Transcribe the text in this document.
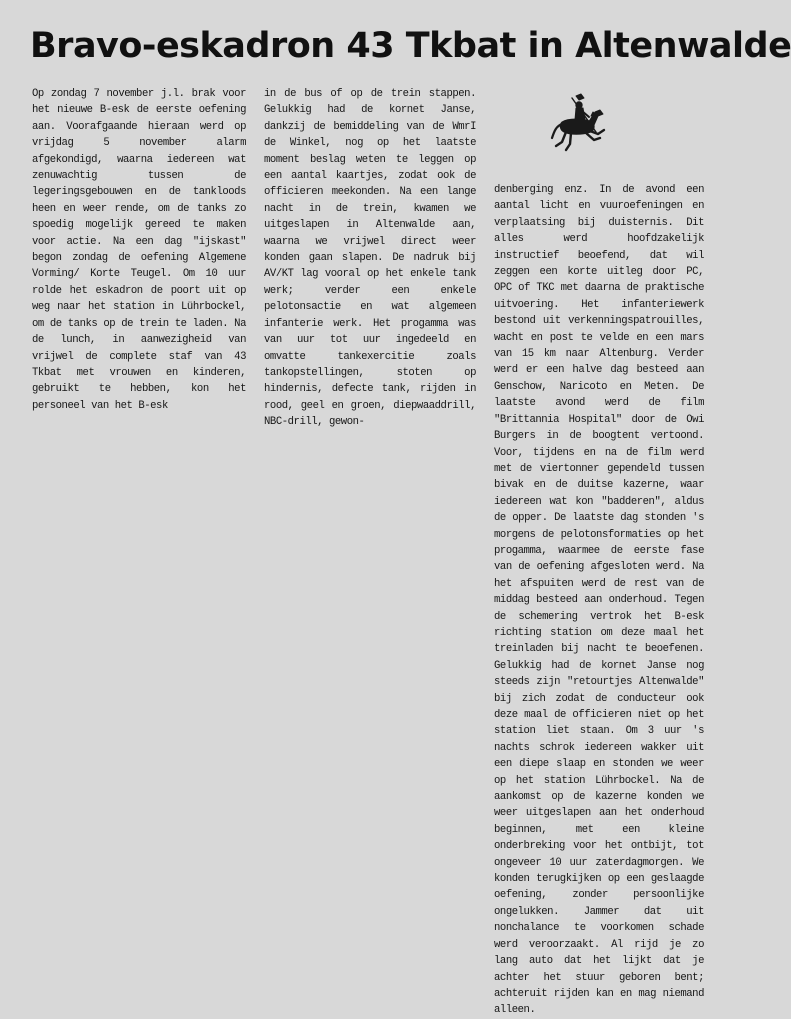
Bravo-eskadron 43 Tkbat in Altenwalde
Op zondag 7 november j.l. brak voor het nieuwe B-esk de eerste oefening aan. Voorafgaande hieraan werd op vrijdag 5 november alarm afgekondigd, waarna iedereen wat zenuwachtig tussen de legeringsgebouwen en de tankloods heen en weer rende, om de tanks zo spoedig mogelijk gereed te maken voor actie. Na een dag "ijskast" begon zondag de oefening Algemene Vorming/ Korte Teugel. Om 10 uur rolde het eskadron de poort uit op weg naar het station in Lührbockel, om de tanks op de trein te laden. Na de lunch, in aanwezigheid van vrijwel de complete staf van 43 Tkbat met vrouwen en kinderen, gebruikt te hebben, kon het personeel van het B-esk
in de bus of op de trein stappen. Gelukkig had de kornet Janse, dankzij de bemiddeling van de WmrI de Winkel, nog op het laatste moment beslag weten te leggen op een aantal kaartjes, zodat ook de officieren meekonden. Na een lange nacht in de trein, kwamen we uitgeslapen in Altenwalde aan, waarna we vrijwel direct weer konden gaan slapen. De nadruk bij AV/KT lag vooral op het enkele tank werk; verder een enkele pelotonsactie en wat algemeen infanterie werk. Het progamma was van uur tot uur ingedeeld en omvatte tankexercitie zoals tankopstellingen, stoten op hindernis, defecte tank, rijden in rood, geel en groen, diepwaaddrill, NBC-drill, gewon-
denberging enz. In de avond een aantal licht en vuuroefeningen en verplaatsing bij duisternis. Dit alles werd hoofdzakelijk instructief beoefend, dat wil zeggen een korte uitleg door PC, OPC of TKC met daarna de praktische uitvoering. Het infanteriewerk bestond uit verkenningspatrouilles, wacht en post te velde en een mars van 15 km naar Altenburg. Verder werd er een halve dag besteed aan Genschow, Naricoto en Meten. De laatste avond werd de film "Brittannia Hospital" door de Owi Burgers in de boogtent vertoond. Voor, tijdens en na de film werd met de viertonner gependeld tussen bivak en de duitse kazerne, waar iedereen wat kon "badderen", aldus de opper. De laatste dag stonden 's morgens de pelotonsformaties op het progamma, waarmee de eerste fase van de oefening afgesloten werd. Na het afspuiten werd de rest van de middag besteed aan onderhoud. Tegen de schemering vertrok het B-esk richting station om deze maal het treinladen bij nacht te beoefenen. Gelukkig had de kornet Janse nog steeds zijn "retourtjes Altenwalde" bij zich zodat de conducteur ook deze maal de officieren niet op het station liet staan. Om 3 uur 's nachts schrok iedereen wakker uit een diepe slaap en stonden we weer op het station Lührbockel. Na de aankomst op de kazerne konden we weer uitgeslapen aan het onderhoud beginnen, met een kleine onderbreking voor het ontbijt, tot ongeveer 10 uur zaterdagmorgen. We konden terugkijken op een geslaagde oefening, zonder persoonlijke ongelukken. Jammer dat uit nonchalance te voorkomen schade werd veroorzaakt. Al rijd je zo lang auto dat het lijkt dat je achter het stuur geboren bent; achteruit rijden kan en mag niemand alleen.
